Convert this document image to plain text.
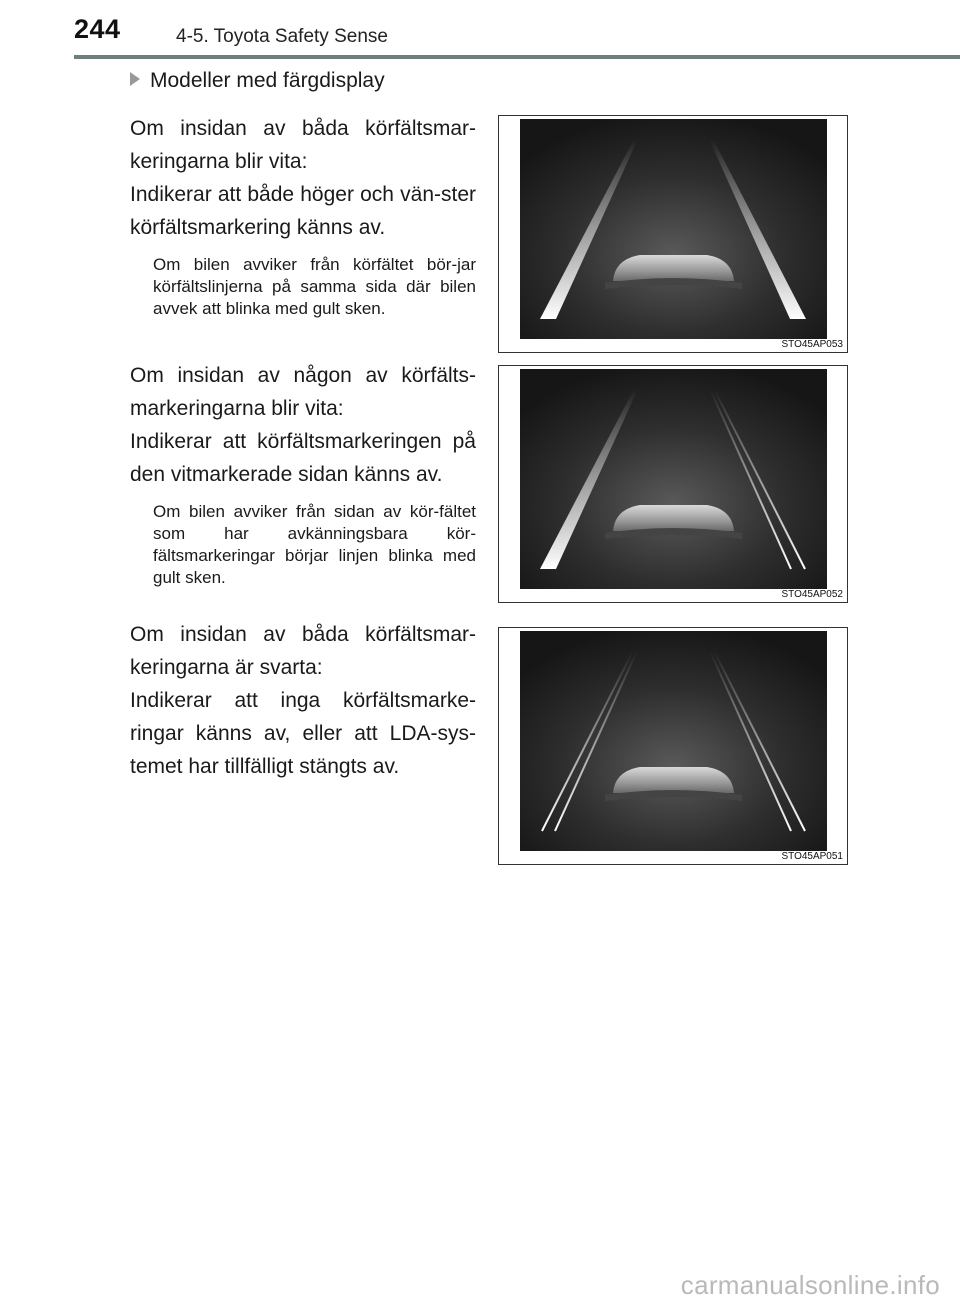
244	4-5. Toyota Safety Sense
Modeller med färgdisplay

Om insidan av båda körfältsmar-keringarna blir vita:

Indikerar att både höger och vän-ster körfältsmarkering känns av.

Om bilen avviker från körfältet bör-jar körfältslinjerna på samma sida där bilen avvek att blinka med gult sken.

Om insidan av någon av körfälts-markeringarna blir vita:

Indikerar att körfältsmarkeringen på den vitmarkerade sidan känns av.

Om bilen avviker från sidan av kör-fältet som har avkänningsbara kör-fältsmarkeringar börjar linjen blinka med gult sken.

Om insidan av båda körfältsmar-keringarna är svarta:

Indikerar att inga körfältsmarke-ringar känns av, eller att LDA-sys-temet har tillfälligt stängts av.

STO45AP053
STO45AP052
STO45AP051
carmanualsonline.info
